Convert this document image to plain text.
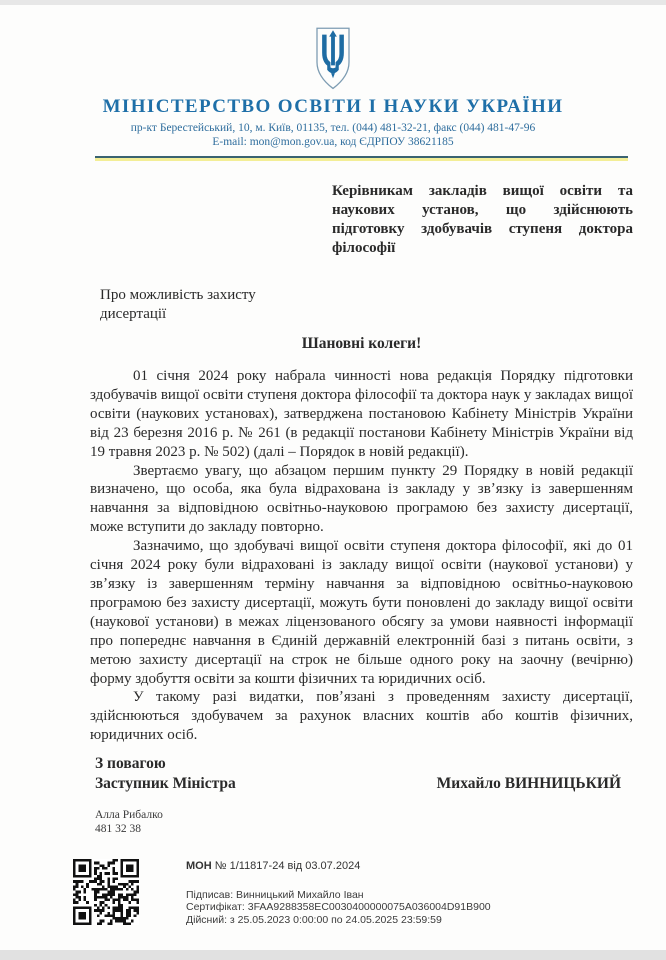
МІНІСТЕРСТВО ОСВІТИ І НАУКИ УКРАЇНИ
пр-кт Берестейський, 10, м. Київ, 01135, тел. (044) 481-32-21, факс (044) 481-47-96
E-mail: mon@mon.gov.ua, код ЄДРПОУ 38621185
Керівникам закладів вищої освіти та наукових установ, що здійснюють підготовку здобувачів ступеня доктора філософії
Про можливість захисту дисертації
Шановні колеги!

01 січня 2024 року набрала чинності нова редакція Порядку підготовки здобувачів вищої освіти ступеня доктора філософії та доктора наук у закладах вищої освіти (наукових установах), затверджена постановою Кабінету Міністрів України від 23 березня 2016 р. № 261 (в редакції постанови Кабінету Міністрів України від 19 травня 2023 р. № 502) (далі – Порядок в новій редакції).

Звертаємо увагу, що абзацом першим пункту 29 Порядку в новій редакції визначено, що особа, яка була відрахована із закладу у звʼязку із завершенням навчання за відповідною освітньо-науковою програмою без захисту дисертації, може вступити до закладу повторно.

Зазначимо, що здобувачі вищої освіти ступеня доктора філософії, які до 01 січня 2024 року були відраховані із закладу вищої освіти (наукової установи) у звʼязку із завершенням терміну навчання за відповідною освітньо-науковою програмою без захисту дисертації, можуть бути поновлені до закладу вищої освіти (наукової установи) в межах ліцензованого обсягу за умови наявності інформації про попереднє навчання в Єдиній державній електронній базі з питань освіти, з метою захисту дисертації на строк не більше одного року на заочну (вечірню) форму здобуття освіти за кошти фізичних та юридичних осіб.

У такому разі видатки, повʼязані з проведенням захисту дисертації, здійснюються здобувачем за рахунок власних коштів або коштів фізичних, юридичних осіб.

З повагою
Заступник Міністра	Михайло ВИННИЦЬКИЙ
Алла Рибалко
481 32 38
МОН № 1/11817-24 від 03.07.2024
Підписав: Винницький Михайло Іван
Сертифікат: 3FAA9288358EC0030400000075A036004D91B900
Дійсний: з 25.05.2023 0:00:00 по 24.05.2025 23:59:59
